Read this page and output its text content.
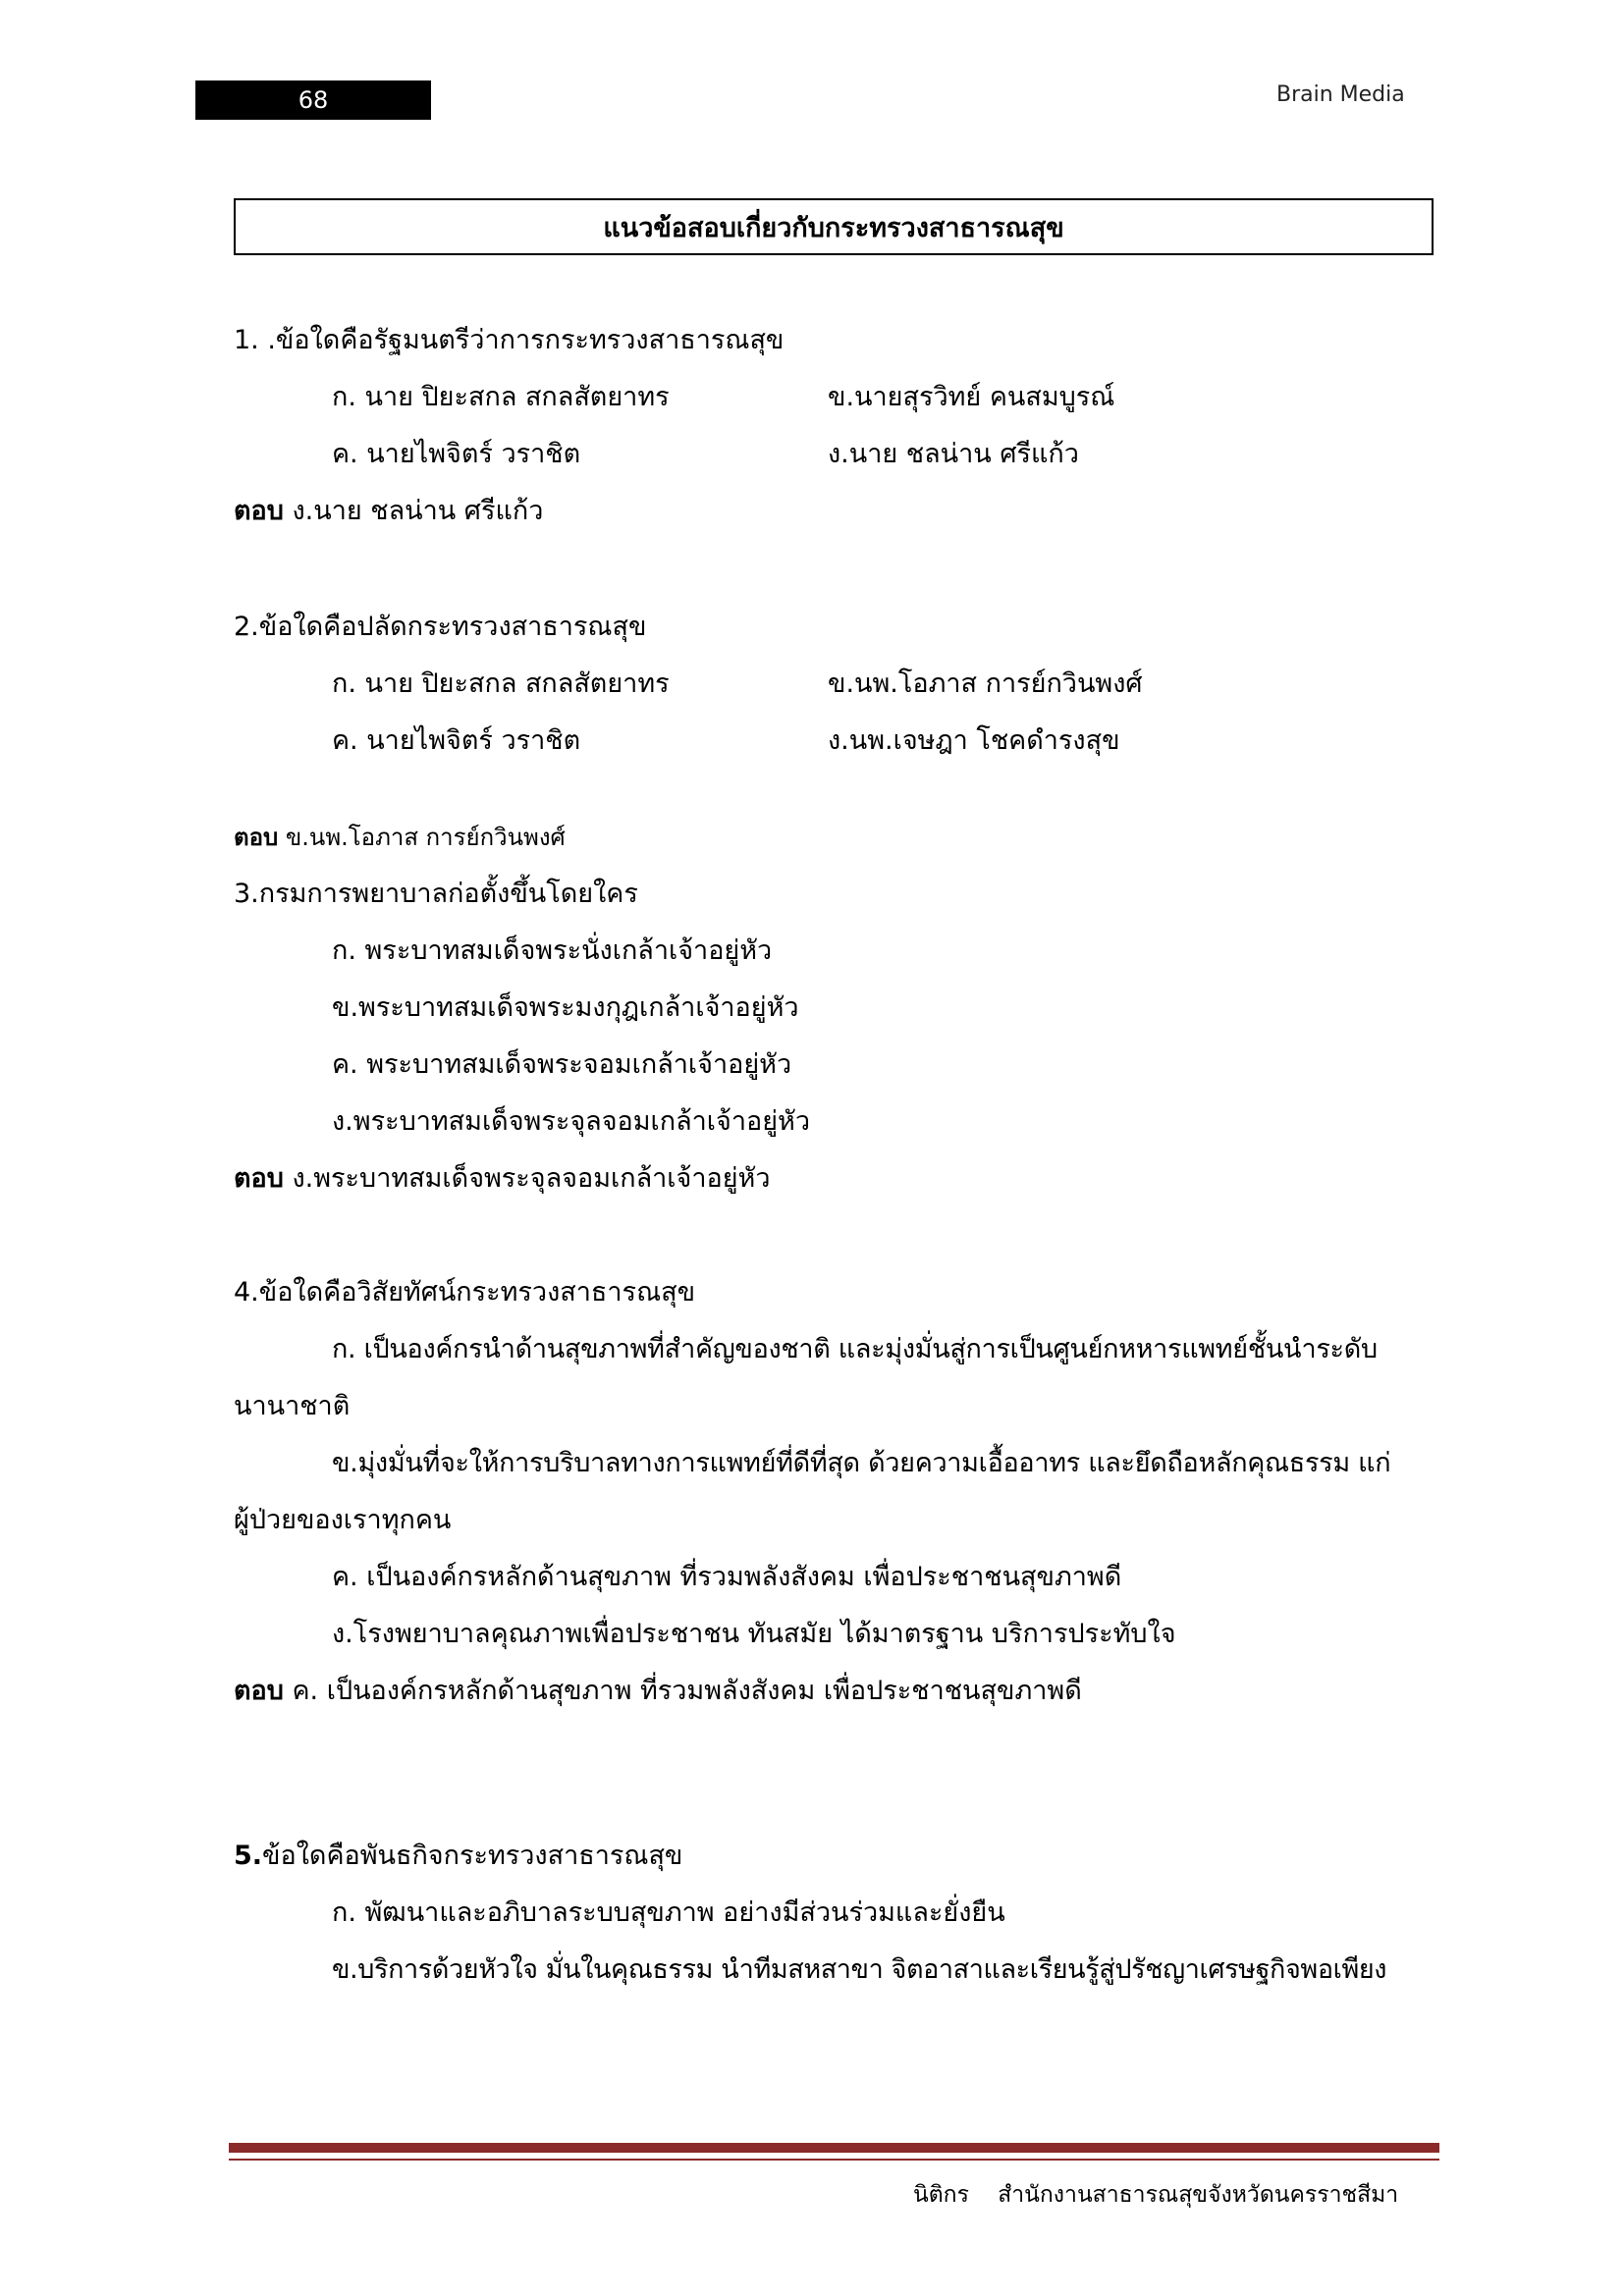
68	Brain Media
แนวข้อสอบเกี่ยวกับกระทรวงสาธารณสุข
1. .ข้อใดคือรัฐมนตรีว่าการกระทรวงสาธารณสุข
ก. นาย ปิยะสกล สกลสัตยาทร	ข.นายสุรวิทย์ คนสมบูรณ์
ค. นายไพจิตร์ วราชิต	ง.นาย ชลน่าน ศรีแก้ว
ตอบ ง.นาย ชลน่าน ศรีแก้ว
2.ข้อใดคือปลัดกระทรวงสาธารณสุข
ก. นาย ปิยะสกล สกลสัตยาทร	ข.นพ.โอภาส การย์กวินพงศ์
ค. นายไพจิตร์ วราชิต	ง.นพ.เจษฎา โชคดำรงสุข
ตอบ ข.นพ.โอภาส การย์กวินพงศ์
3.กรมการพยาบาลก่อตั้งขึ้นโดยใคร
ก. พระบาทสมเด็จพระนั่งเกล้าเจ้าอยู่หัว
ข.พระบาทสมเด็จพระมงกุฎเกล้าเจ้าอยู่หัว
ค. พระบาทสมเด็จพระจอมเกล้าเจ้าอยู่หัว
ง.พระบาทสมเด็จพระจุลจอมเกล้าเจ้าอยู่หัว
ตอบ ง.พระบาทสมเด็จพระจุลจอมเกล้าเจ้าอยู่หัว
4.ข้อใดคือวิสัยทัศน์กระทรวงสาธารณสุข
ก. เป็นองค์กรนำด้านสุขภาพที่สำคัญของชาติ และมุ่งมั่นสู่การเป็นศูนย์กหหารแพทย์ชั้นนำระดับ
นานาชาติ
ข.มุ่งมั่นที่จะให้การบริบาลทางการแพทย์ที่ดีที่สุด ด้วยความเอื้ออาทร และยึดถือหลักคุณธรรม แก่
ผู้ป่วยของเราทุกคน
ค. เป็นองค์กรหลักด้านสุขภาพ ที่รวมพลังสังคม เพื่อประชาชนสุขภาพดี
ง.โรงพยาบาลคุณภาพเพื่อประชาชน ทันสมัย ได้มาตรฐาน บริการประทับใจ
ตอบ ค. เป็นองค์กรหลักด้านสุขภาพ ที่รวมพลังสังคม เพื่อประชาชนสุขภาพดี
5.ข้อใดคือพันธกิจกระทรวงสาธารณสุข
ก. พัฒนาและอภิบาลระบบสุขภาพ อย่างมีส่วนร่วมและยั่งยืน
ข.บริการด้วยหัวใจ มั่นในคุณธรรม นำทีมสหสาขา จิตอาสาและเรียนรู้สู่ปรัชญาเศรษฐกิจพอเพียง
นิติกร สำนักงานสาธารณสุขจังหวัดนครราชสีมา
